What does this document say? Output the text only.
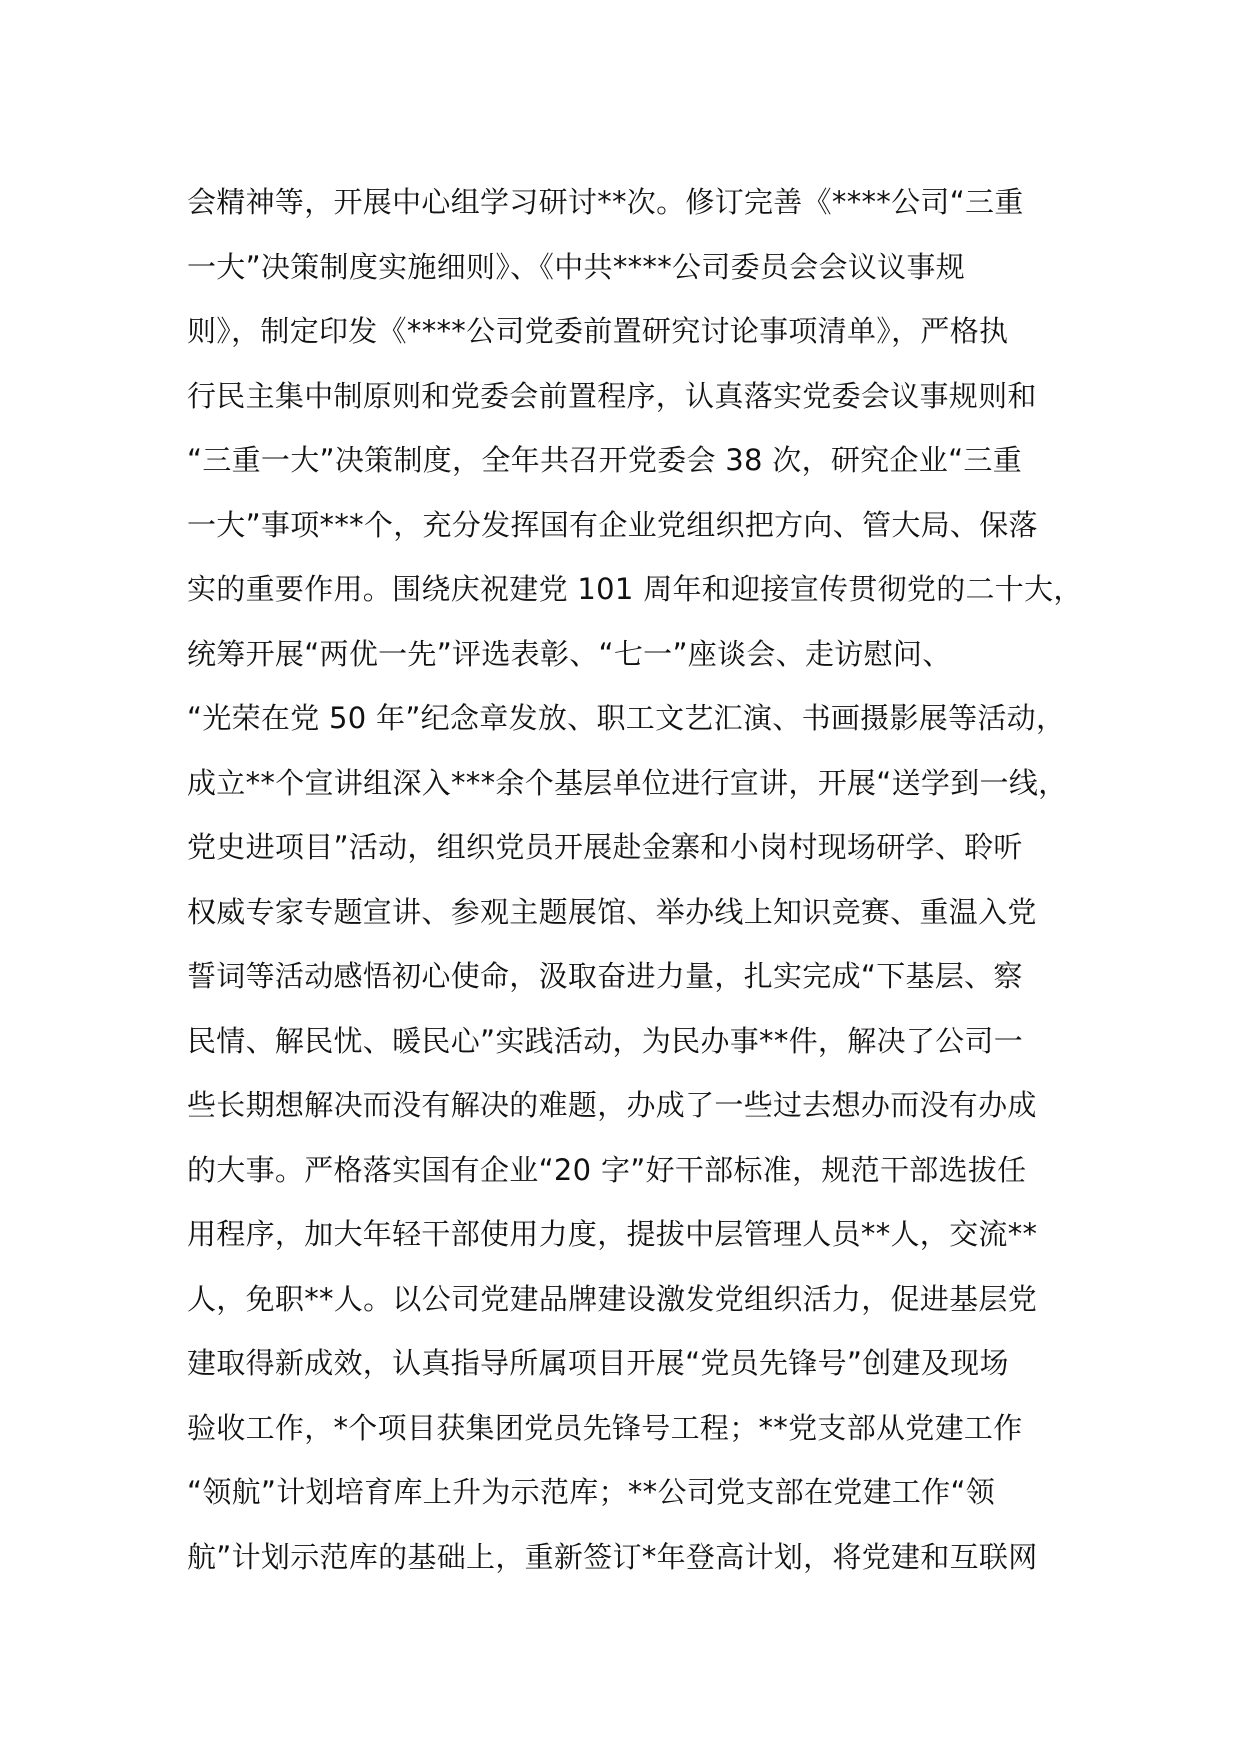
会精神等，开展中心组学习研讨**次。修订完善《****公司“三重
一大”决策制度实施细则》、《中共****公司委员会会议议事规
则》，制定印发《****公司党委前置研究讨论事项清单》，严格执
行民主集中制原则和党委会前置程序，认真落实党委会议事规则和
“三重一大”决策制度，全年共召开党委会 38 次，研究企业“三重
一大”事项***个，充分发挥国有企业党组织把方向、管大局、保落
实的重要作用。围绕庆祝建党 101 周年和迎接宣传贯彻党的二十大，
统筹开展“两优一先”评选表彰、“七一”座谈会、走访慰问、
“光荣在党 50 年”纪念章发放、职工文艺汇演、书画摄影展等活动，
成立**个宣讲组深入***余个基层单位进行宣讲，开展“送学到一线，
党史进项目”活动，组织党员开展赴金寨和小岗村现场研学、聆听
权威专家专题宣讲、参观主题展馆、举办线上知识竞赛、重温入党
誓词等活动感悟初心使命，汲取奋进力量，扎实完成“下基层、察
民情、解民忧、暖民心”实践活动，为民办事**件，解决了公司一
些长期想解决而没有解决的难题，办成了一些过去想办而没有办成
的大事。严格落实国有企业“20 字”好干部标准，规范干部选拔任
用程序，加大年轻干部使用力度，提拔中层管理人员**人，交流**
人，免职**人。以公司党建品牌建设激发党组织活力，促进基层党
建取得新成效，认真指导所属项目开展“党员先锋号”创建及现场
验收工作，*个项目获集团党员先锋号工程；**党支部从党建工作
“领航”计划培育库上升为示范库；**公司党支部在党建工作“领
航”计划示范库的基础上，重新签订*年登高计划，将党建和互联网
